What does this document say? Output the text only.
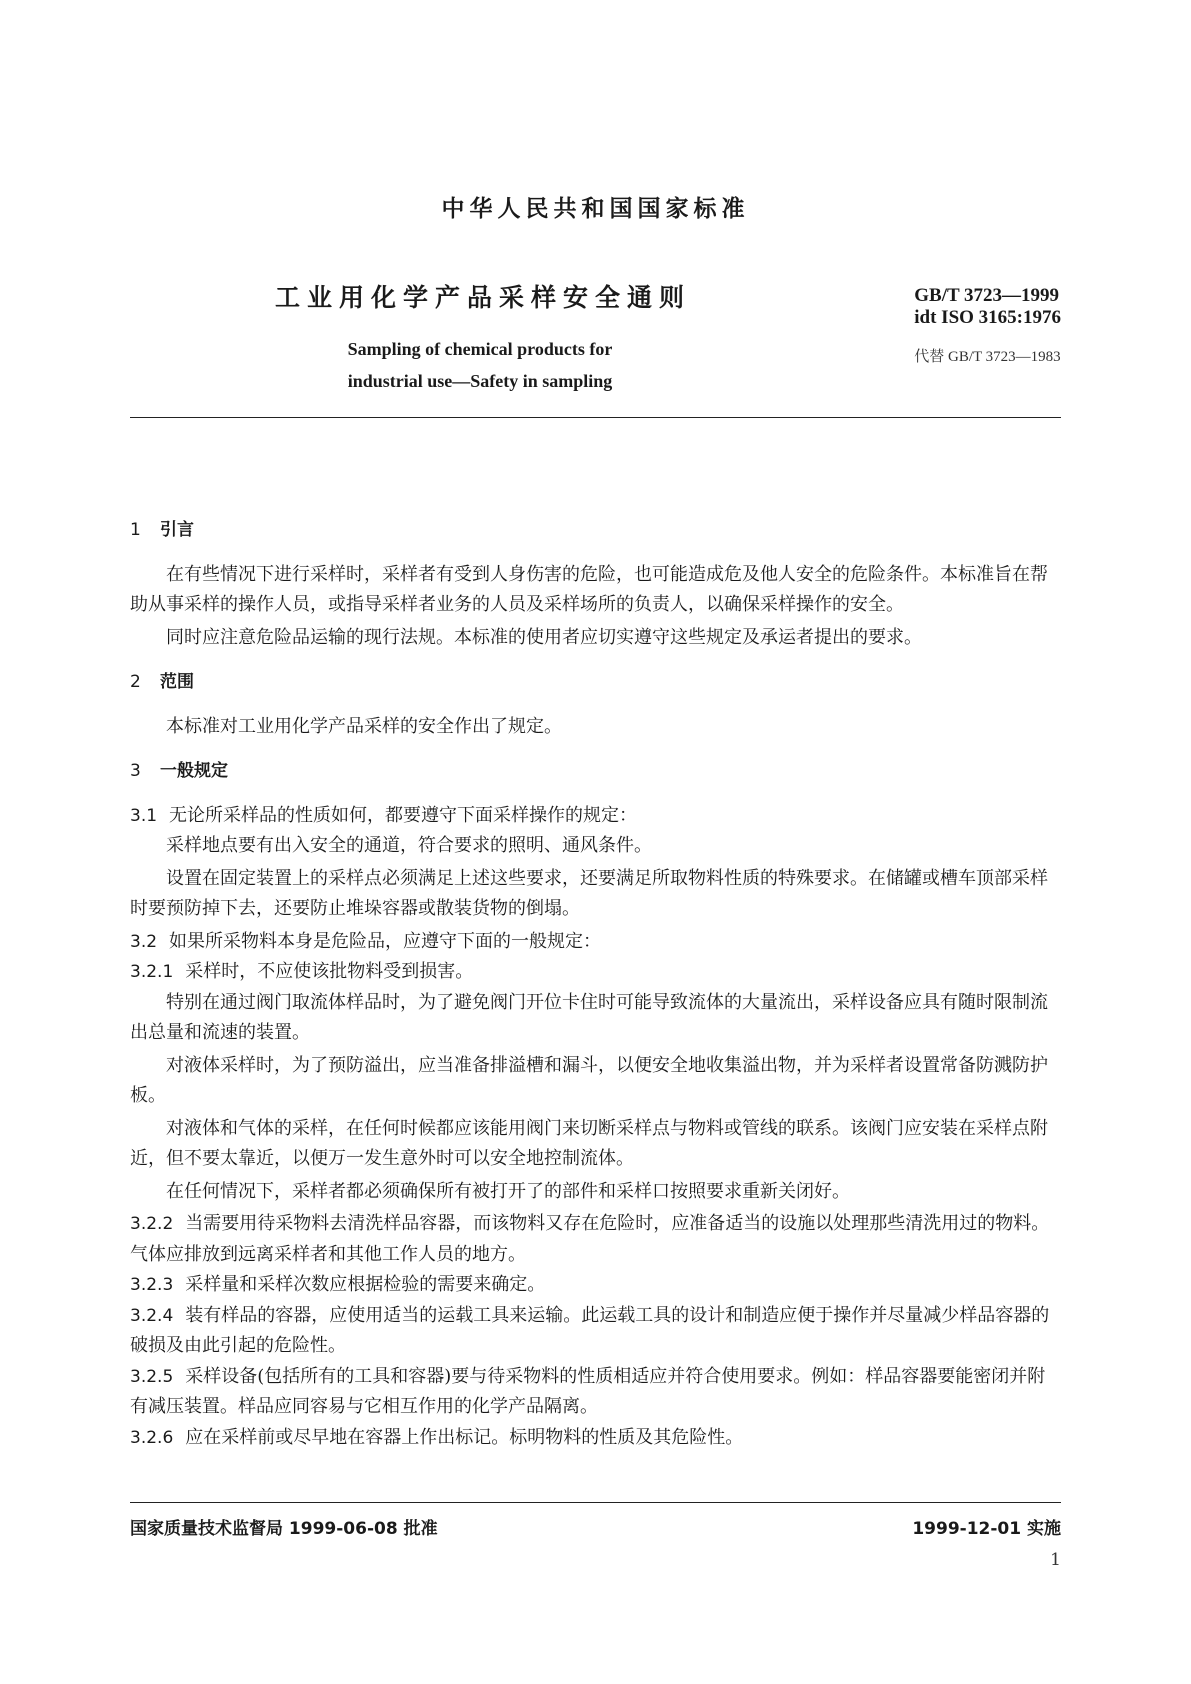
中华人民共和国国家标准
工业用化学产品采样安全通则
Sampling of chemical products for
industrial use—Safety in sampling
GB/T 3723—1999
idt ISO 3165:1976
代替 GB/T 3723—1983
1 引言

在有些情况下进行采样时，采样者有受到人身伤害的危险，也可能造成危及他人安全的危险条件。本标准旨在帮助从事采样的操作人员，或指导采样者业务的人员及采样场所的负责人，以确保采样操作的安全。

同时应注意危险品运输的现行法规。本标准的使用者应切实遵守这些规定及承运者提出的要求。

2 范围

本标准对工业用化学产品采样的安全作出了规定。

3 一般规定

3.1 无论所采样品的性质如何，都要遵守下面采样操作的规定：

采样地点要有出入安全的通道，符合要求的照明、通风条件。

设置在固定装置上的采样点必须满足上述这些要求，还要满足所取物料性质的特殊要求。在储罐或槽车顶部采样时要预防掉下去，还要防止堆垛容器或散装货物的倒塌。

3.2 如果所采物料本身是危险品，应遵守下面的一般规定：

3.2.1 采样时，不应使该批物料受到损害。

特别在通过阀门取流体样品时，为了避免阀门开位卡住时可能导致流体的大量流出，采样设备应具有随时限制流出总量和流速的装置。

对液体采样时，为了预防溢出，应当准备排溢槽和漏斗，以便安全地收集溢出物，并为采样者设置常备防溅防护板。

对液体和气体的采样，在任何时候都应该能用阀门来切断采样点与物料或管线的联系。该阀门应安装在采样点附近，但不要太靠近，以便万一发生意外时可以安全地控制流体。

在任何情况下，采样者都必须确保所有被打开了的部件和采样口按照要求重新关闭好。

3.2.2 当需要用待采物料去清洗样品容器，而该物料又存在危险时，应准备适当的设施以处理那些清洗用过的物料。气体应排放到远离采样者和其他工作人员的地方。

3.2.3 采样量和采样次数应根据检验的需要来确定。

3.2.4 装有样品的容器，应使用适当的运载工具来运输。此运载工具的设计和制造应便于操作并尽量减少样品容器的破损及由此引起的危险性。

3.2.5 采样设备(包括所有的工具和容器)要与待采物料的性质相适应并符合使用要求。例如：样品容器要能密闭并附有减压装置。样品应同容易与它相互作用的化学产品隔离。

3.2.6 应在采样前或尽早地在容器上作出标记。标明物料的性质及其危险性。

国家质量技术监督局 1999-06-08 批准	1999-12-01 实施
1
